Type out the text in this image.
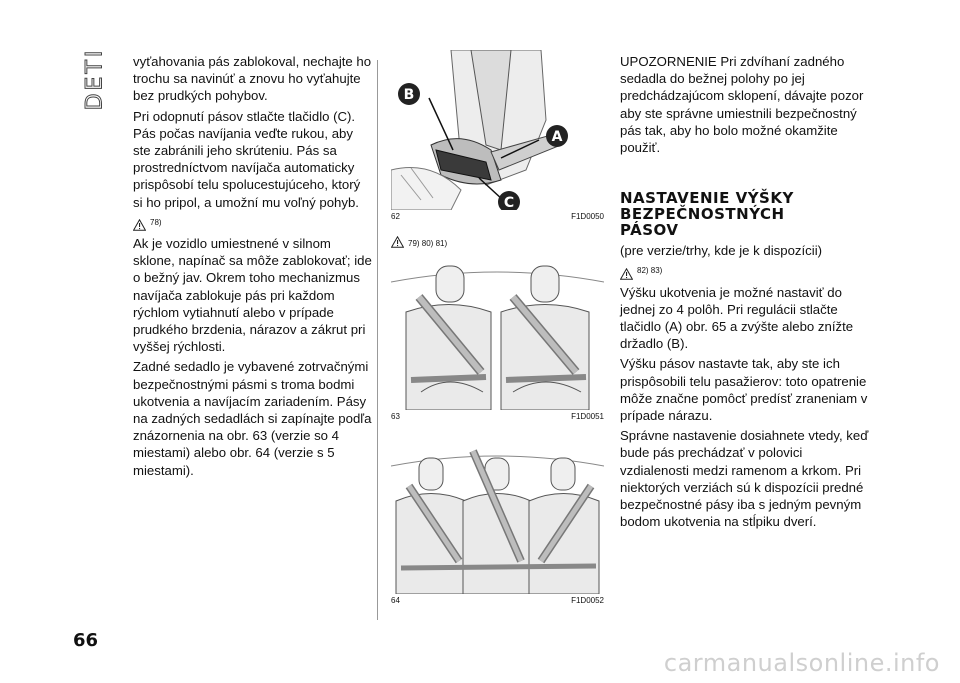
DETI vyťahovania pás zablokoval, nechajte ho trochu sa navinúť a znovu ho vyťahujte bez prudkých pohybov.

Pri odopnutí pásov stlačte tlačidlo (C). Pás počas navíjania veďte rukou, aby ste zabránili jeho skrúteniu. Pás sa prostredníctvom navíjača automaticky prispôsobí telu spolucestujúceho, ktorý si ho pripol, a umožní mu voľný pohyb.

78)

Ak je vozidlo umiestnené v silnom sklone, napínač sa môže zablokovať; ide o bežný jav. Okrem toho mechanizmus navíjača zablokuje pás pri každom rýchlom vytiahnutí alebo v prípade prudkého brzdenia, nárazov a zákrut pri vyššej rýchlosti.

Zadné sedadlo je vybavené zotrvačnými bezpečnostnými pásmi s troma bodmi ukotvenia a navíjacím zariadením. Pásy na zadných sedadlách si zapínajte podľa znázornenia na obr. 63 (verzie so 4 miestami) alebo obr. 64 (verzie s 5 miestami).

B
A
C
62	F1D0050
79) 80) 81)
63	F1D0051
64	F1D0052

UPOZORNENIE Pri zdvíhaní zadného sedadla do bežnej polohy po jej predchádzajúcom sklopení, dávajte pozor aby ste správne umiestnili bezpečnostný pás tak, aby ho bolo možné okamžite použiť.

NASTAVENIE VÝŠKY
BEZPEČNOSTNÝCH
PÁSOV

(pre verzie/trhy, kde je k dispozícii)

82) 83)

Výšku ukotvenia je možné nastaviť do jednej zo 4 polôh. Pri regulácii stlačte tlačidlo (A) obr. 65 a zvýšte alebo znížte držadlo (B).

Výšku pásov nastavte tak, aby ste ich prispôsobili telu pasažierov: toto opatrenie môže značne pomôcť predísť zraneniam v prípade nárazu.

Správne nastavenie dosiahnete vtedy, keď bude pás prechádzať v polovici vzdialenosti medzi ramenom a krkom. Pri niektorých verziách sú k dispozícii predné bezpečnostné pásy iba s jedným pevným bodom ukotvenia na stĺpiku dverí.

66
carmanualsonline.info
